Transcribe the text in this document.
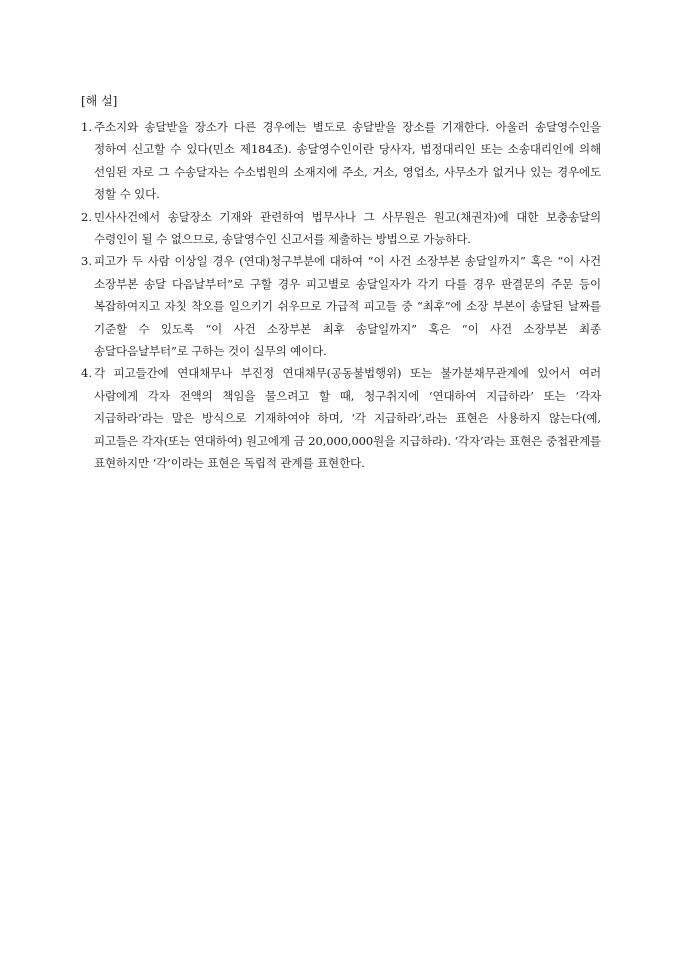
[해 설]
1. 주소지와 송달받을 장소가 다른 경우에는 별도로 송달받을 장소를 기재한다. 아울러 송달영수인을 정하여 신고할 수 있다(민소 제184조). 송달영수인이란 당사자, 법정대리인 또는 소송대리인에 의해 선임된 자로 그 수송달자는 수소법원의 소재지에 주소, 거소, 영업소, 사무소가 없거나 있는 경우에도 정할 수 있다.
2. 민사사건에서 송달장소 기재와 관련하여 법무사나 그 사무원은 원고(채권자)에 대한 보충송달의 수령인이 될 수 없으므로, 송달영수인 신고서를 제출하는 방법으로 가능하다.
3. 피고가 두 사람 이상일 경우 (연대)청구부분에 대하여 “이 사건 소장부본 송달일까지” 혹은 “이 사건 소장부본 송달 다음날부터”로 구할 경우 피고별로 송달일자가 각기 다를 경우 판결문의 주문 등이 복잡하여지고 자칫 착오를 일으키기 쉬우므로 가급적 피고들 중 “최후”에 소장 부본이 송달된 날짜를 기준할 수 있도록 “이 사건 소장부본 최후 송달일까지” 혹은 “이 사건 소장부본 최종 송달다음날부터”로 구하는 것이 실무의 예이다.
4. 각 피고들간에 연대채무나 부진정 연대채무(공동불법행위) 또는 불가분채무관계에 있어서 여러 사람에게 각자 전액의 책임을 물으려고 할 때, 청구취지에 ‘연대하여 지급하라’ 또는 ‘각자 지급하라’라는 말은 방식으로 기재하여야 하며, ‘각 지급하라’,라는 표현은 사용하지 않는다(예, 피고들은 각자(또는 연대하여) 원고에게 금 20,000,000원을 지급하라). ‘각자’라는 표현은 중첩관계를 표현하지만 ‘각’이라는 표현은 독립적 관계를 표현한다.
